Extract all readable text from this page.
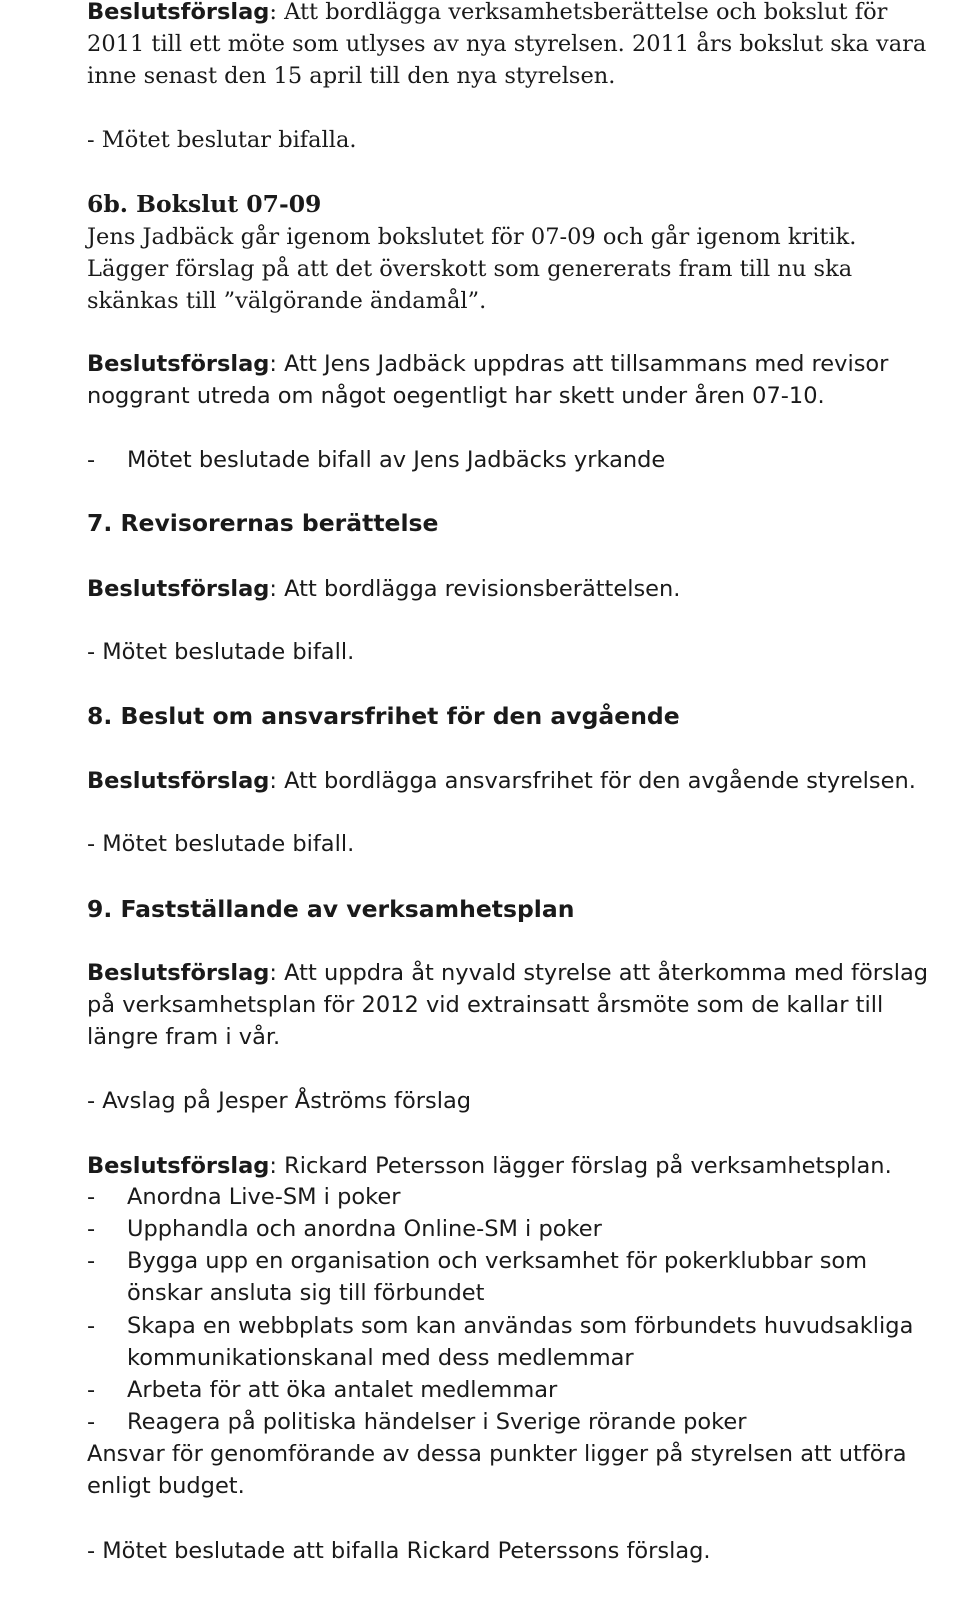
Beslutsförslag: Att bordlägga verksamhetsberättelse och bokslut för 2011 till ett möte som utlyses av nya styrelsen. 2011 års bokslut ska vara inne senast den 15 april till den nya styrelsen.

- Mötet beslutar bifalla.

6b. Bokslut 07-09

Jens Jadbäck går igenom bokslutet för 07-09 och går igenom kritik. Lägger förslag på att det överskott som genererats fram till nu ska skänkas till ”välgörande ändamål”.

Beslutsförslag: Att Jens Jadbäck uppdras att tillsammans med revisor noggrant utreda om något oegentligt har skett under åren 07-10.

- Mötet beslutade bifall av Jens Jadbäcks yrkande

7. Revisorernas berättelse

Beslutsförslag: Att bordlägga revisionsberättelsen.

- Mötet beslutade bifall.

8. Beslut om ansvarsfrihet för den avgående

Beslutsförslag: Att bordlägga ansvarsfrihet för den avgående styrelsen.

- Mötet beslutade bifall.

9. Fastställande av verksamhetsplan

Beslutsförslag: Att uppdra åt nyvald styrelse att återkomma med förslag på verksamhetsplan för 2012 vid extrainsatt årsmöte som de kallar till längre fram i vår.

- Avslag på Jesper Åströms förslag

Beslutsförslag: Rickard Petersson lägger förslag på verksamhetsplan.

- Anordna Live-SM i poker
- Upphandla och anordna Online-SM i poker
- Bygga upp en organisation och verksamhet för pokerklubbar som önskar ansluta sig till förbundet
- Skapa en webbplats som kan användas som förbundets huvudsakliga kommunikationskanal med dess medlemmar
- Arbeta för att öka antalet medlemmar
- Reagera på politiska händelser i Sverige rörande poker

Ansvar för genomförande av dessa punkter ligger på styrelsen att utföra enligt budget.

- Mötet beslutade att bifalla Rickard Peterssons förslag.
